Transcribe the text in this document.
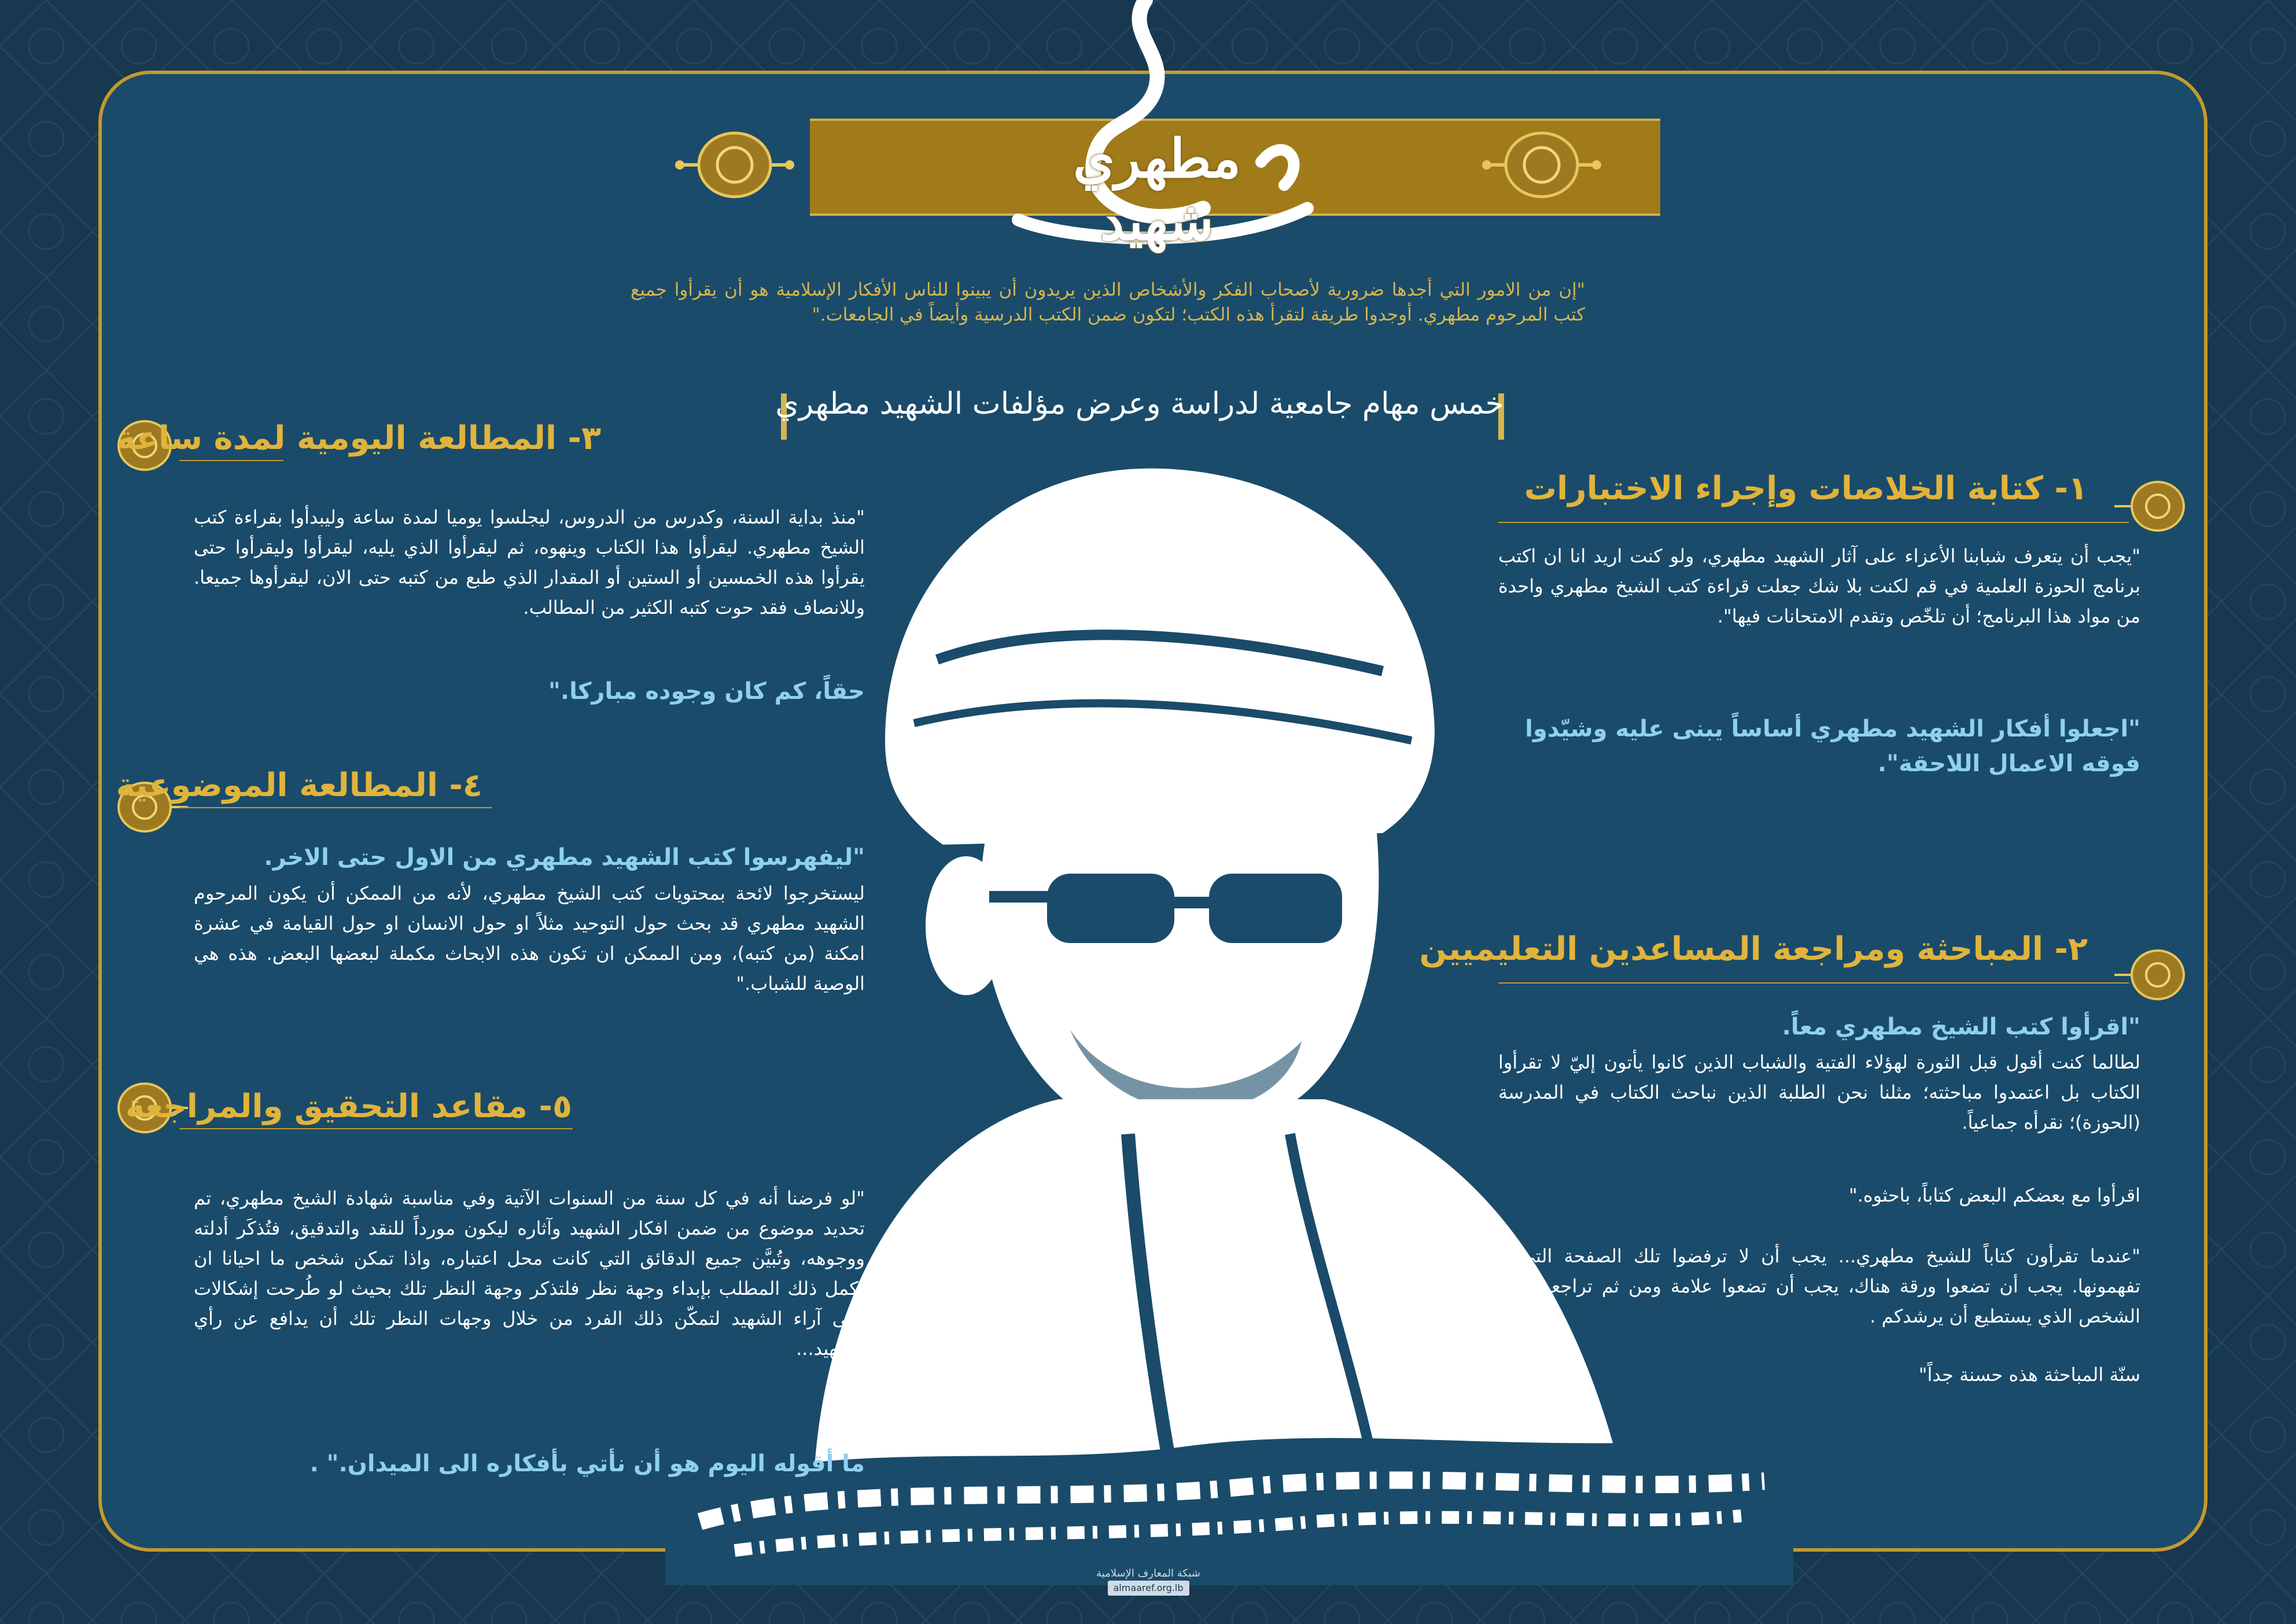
مطهري شهيد
"إن من الامور التي أجدها ضرورية لأصحاب الفكر والأشخاص الذين يريدون أن يبينوا للناس الأفكار الإسلامية هو أن يقرأوا جميع كتب المرحوم مطهري. أوجدوا طريقة لتقرأ هذه الكتب؛ لتكون ضمن الكتب الدرسية وأيضاً في الجامعات."
خمس مهام جامعية لدراسة وعرض مؤلفات الشهيد مطهري
١- كتابة الخلاصات وإجراء الاختبارات
"يجب أن يتعرف شبابنا الأعزاء على آثار الشهيد مطهري، ولو كنت اريد انا ان اكتب برنامج الحوزة العلمية في قم لكنت بلا شك جعلت قراءة كتب الشيخ مطهري واحدة من مواد هذا البرنامج؛ أن تلخّص وتقدم الامتحانات فيها".
"اجعلوا أفكار الشهيد مطهري أساساً يبنى عليه وشيّدوا فوقه الاعمال اللاحقة".
٢- المباحثة ومراجعة المساعدين التعليميين
"اقرأوا كتب الشيخ مطهري معاً.
لطالما كنت أقول قبل الثورة لهؤلاء الفتية والشباب الذين كانوا يأتون إليّ لا تقرأوا الكتاب بل اعتمدوا مباحثته؛ مثلنا نحن الطلبة الذين نباحث الكتاب في المدرسة (الحوزة)؛ نقرأه جماعياً.
اقرأوا مع بعضكم البعض كتاباً، باحثوه."
"عندما تقرأون كتاباً للشيخ مطهري... يجب أن لا ترفضوا تلك الصفحة التي لا تفهمونها. يجب أن تضعوا ورقة هناك، يجب أن تضعوا علامة ومن ثم تراجعوا ذلك الشخص الذي يستطيع أن يرشدكم .
سنّة المباحثة هذه حسنة جداً"
٣- المطالعة اليومية لمدة ساعة
"منذ بداية السنة، وكدرس من الدروس، ليجلسوا يوميا لمدة ساعة وليبدأوا بقراءة كتب الشيخ مطهري. ليقرأوا هذا الكتاب وينهوه، ثم ليقرأوا الذي يليه، ليقرأوا وليقرأوا حتى يقرأوا هذه الخمسين أو الستين أو المقدار الذي طبع من كتبه حتى الان، ليقرأوها جميعا. وللانصاف فقد حوت كتبه الكثير من المطالب.
حقاً، كم كان وجوده مباركا."
٤- المطالعة الموضوعية
"ليفهرسوا كتب الشهيد مطهري من الاول حتى الاخر.
ليستخرجوا لائحة بمحتويات كتب الشيخ مطهري، لأنه من الممكن أن يكون المرحوم الشهيد مطهري قد بحث حول التوحيد مثلاً او حول الانسان او حول القيامة في عشرة امكنة (من كتبه)، ومن الممكن ان تكون هذه الابحاث مكملة لبعضها البعض. هذه هي الوصية للشباب."
٥- مقاعد التحقيق والمراجعة
"لو فرضنا أنه في كل سنة من السنوات الآتية وفي مناسبة شهادة الشيخ مطهري، تم تحديد موضوع من ضمن افكار الشهيد وآثاره ليكون مورداً للنقد والتدقيق، فتُذكَر أدلته ووجوهه، وتُبيَّن جميع الدقائق التي كانت محل اعتباره، واذا تمكن شخص ما احيانا ان يكمل ذلك المطلب بإبداء وجهة نظر فلتذكر وجهة النظر تلك بحيث لو طُرحت إشكالات على آراء الشهيد لتمكّن ذلك الفرد من خلال وجهات النظر تلك أن يدافع عن رأي الشهيد...
ما أقوله اليوم هو أن نأتي بأفكاره الى الميدان." .
شبكة المعارف الإسلامية
almaaref.org.lb
